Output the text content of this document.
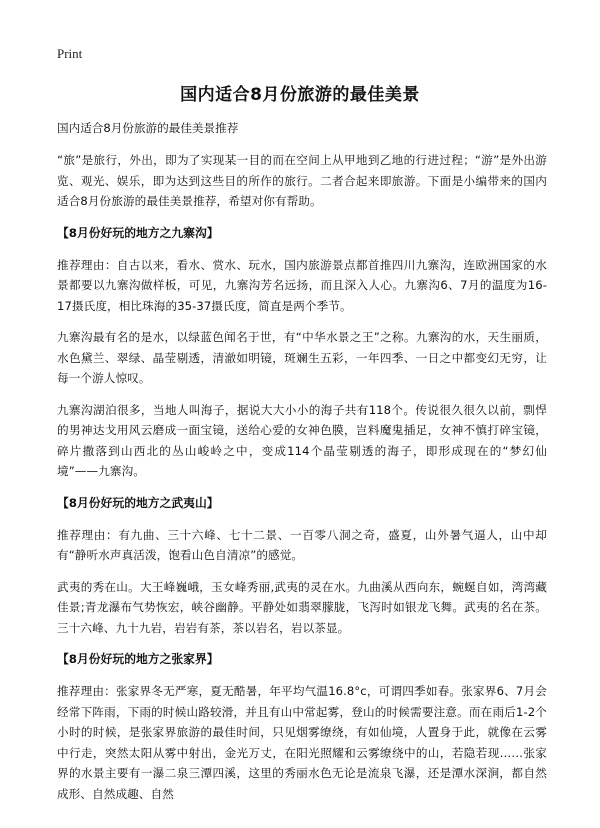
Print
国内适合8月份旅游的最佳美景

国内适合8月份旅游的最佳美景推荐

“旅”是旅行，外出，即为了实现某一目的而在空间上从甲地到乙地的行进过程；“游”是外出游览、观光、娱乐，即为达到这些目的所作的旅行。二者合起来即旅游。下面是小编带来的国内适合8月份旅游的最佳美景推荐，希望对你有帮助。

【8月份好玩的地方之九寨沟】

推荐理由：自古以来，看水、赏水、玩水，国内旅游景点都首推四川九寨沟，连欧洲国家的水景都要以九寨沟做样板，可见，九寨沟芳名远扬，而且深入人心。九寨沟6、7月的温度为16-17摄氏度，相比珠海的35-37摄氏度，简直是两个季节。

九寨沟最有名的是水，以绿蓝色闻名于世，有“中华水景之王”之称。九寨沟的水，天生丽质，水色黛兰、翠绿、晶莹剔透，清澈如明镜，斑斓生五彩，一年四季、一日之中都变幻无穷，让每一个游人惊叹。

九寨沟湖泊很多，当地人叫海子，据说大大小小的海子共有118个。传说很久很久以前，剽悍的男神达戈用风云磨成一面宝镜，送给心爱的女神色膜，岂料魔鬼插足，女神不慎打碎宝镜，碎片撒落到山西北的丛山峻岭之中，变成114个晶莹剔透的海子，即形成现在的“梦幻仙境”——九寨沟。

【8月份好玩的地方之武夷山】

推荐理由：有九曲、三十六峰、七十二景、一百零八洞之奇，盛夏，山外暑气逼人，山中却有“静听水声真活泼，饱看山色自清凉”的感觉。

武夷的秀在山。大王峰巍峨，玉女峰秀丽,武夷的灵在水。九曲溪从西向东，蜿蜒自如，湾湾藏佳景;青龙瀑布气势恢宏，峡谷幽静。平静处如翡翠朦胧，飞泻时如银龙飞舞。武夷的名在茶。三十六峰、九十九岩，岩岩有茶，茶以岩名，岩以茶显。

【8月份好玩的地方之张家界】

推荐理由：张家界冬无严寒，夏无酷暑，年平均气温16.8°c，可谓四季如春。张家界6、7月会经常下阵雨，下雨的时候山路较滑，并且有山中常起雾，登山的时候需要注意。而在雨后1-2个小时的时候，是张家界旅游的最佳时间，只见烟雾缭绕，有如仙境，人置身于此，就像在云雾中行走，突然太阳从雾中射出，金光万丈，在阳光照耀和云雾缭绕中的山，若隐若现……张家界的水景主要有一瀑二泉三潭四溪，这里的秀丽水色无论是流泉飞瀑，还是潭水深涧，都自然成形、自然成趣、自然
